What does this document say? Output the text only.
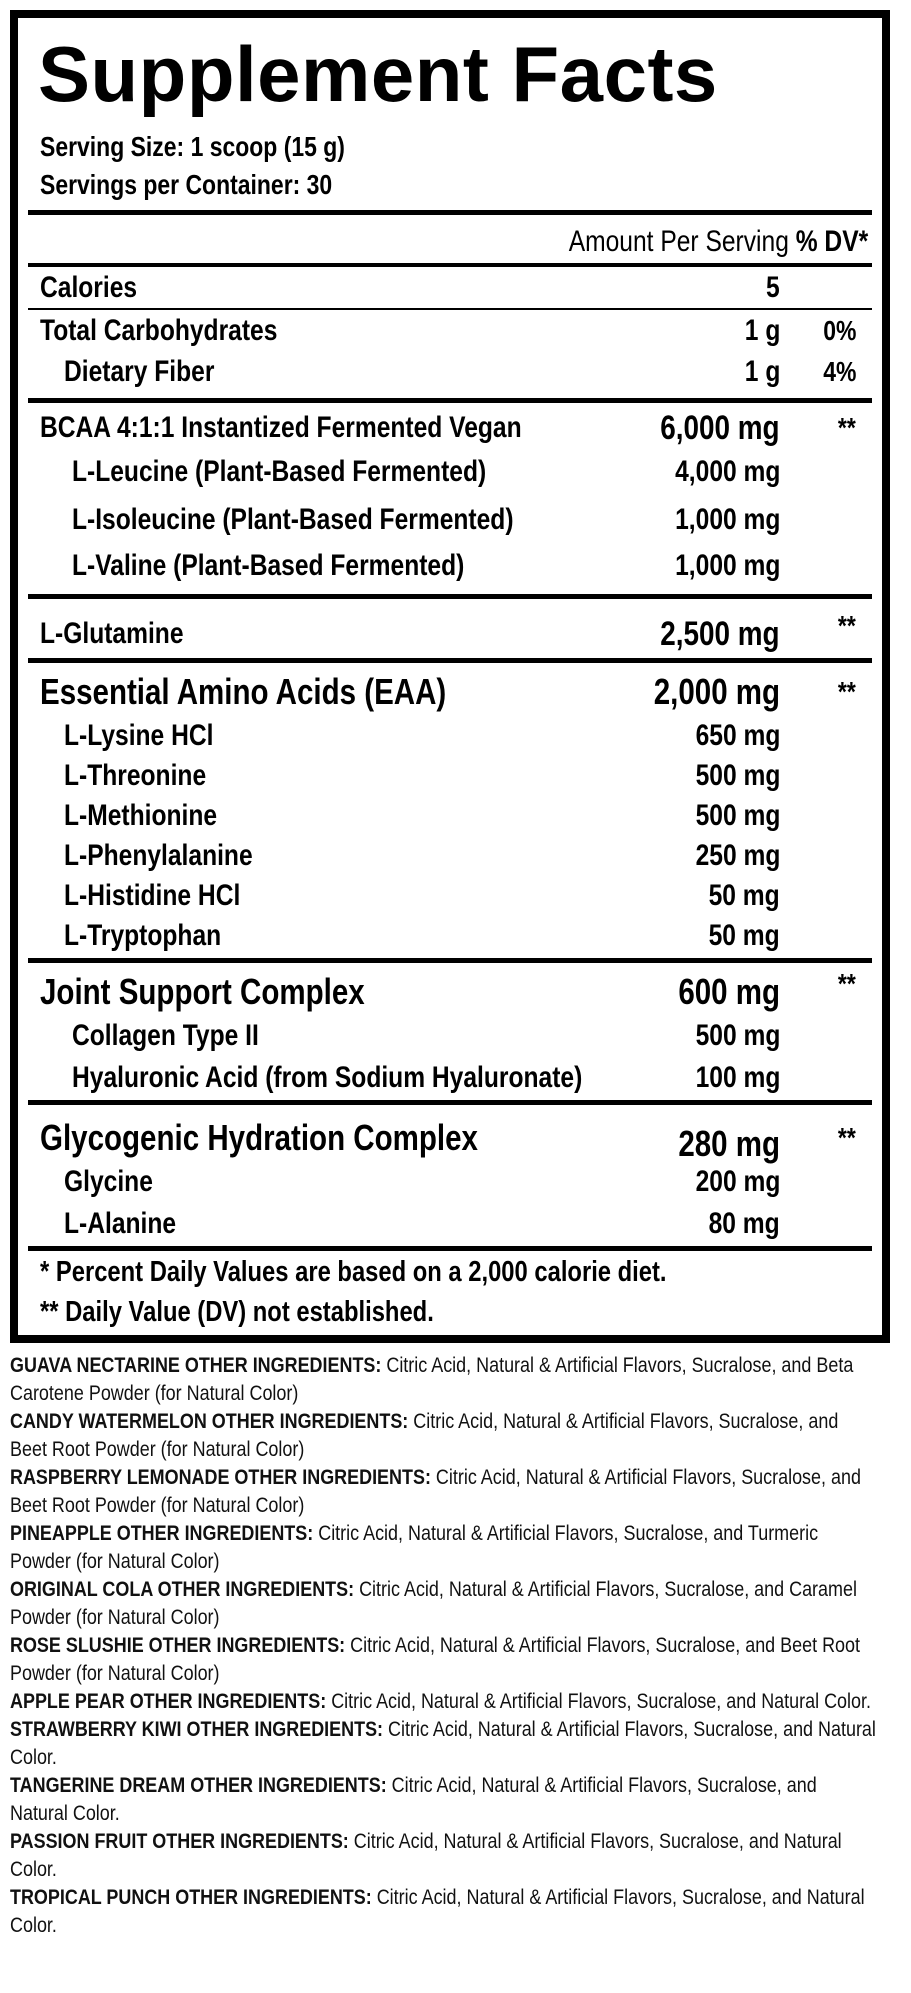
Supplement Facts
Serving Size: 1 scoop (15 g)
Servings per Container: 30
Amount Per Serving % DV*
Calories	5
Total Carbohydrates	1 g 0%
Dietary Fiber	1 g 4%
BCAA 4:1:1 Instantized Fermented Vegan	6,000 mg **
L-Leucine (Plant-Based Fermented)	4,000 mg
L-Isoleucine (Plant-Based Fermented)	1,000 mg
L-Valine (Plant-Based Fermented)	1,000 mg
L-Glutamine	2,500 mg **
Essential Amino Acids (EAA)	2,000 mg **
L-Lysine HCl	650 mg
L-Threonine	500 mg
L-Methionine	500 mg
L-Phenylalanine	250 mg
L-Histidine HCl	50 mg
L-Tryptophan	50 mg
Joint Support Complex	600 mg **
Collagen Type II	500 mg
Hyaluronic Acid (from Sodium Hyaluronate)	100 mg
Glycogenic Hydration Complex	280 mg **
Glycine	200 mg
L-Alanine	80 mg
* Percent Daily Values are based on a 2,000 calorie diet.
** Daily Value (DV) not established.
GUAVA NECTARINE OTHER INGREDIENTS: Citric Acid, Natural & Artificial Flavors, Sucralose, and Beta Carotene Powder (for Natural Color)
CANDY WATERMELON OTHER INGREDIENTS: Citric Acid, Natural & Artificial Flavors, Sucralose, and Beet Root Powder (for Natural Color)
RASPBERRY LEMONADE OTHER INGREDIENTS: Citric Acid, Natural & Artificial Flavors, Sucralose, and Beet Root Powder (for Natural Color)
PINEAPPLE OTHER INGREDIENTS: Citric Acid, Natural & Artificial Flavors, Sucralose, and Turmeric Powder (for Natural Color)
ORIGINAL COLA OTHER INGREDIENTS: Citric Acid, Natural & Artificial Flavors, Sucralose, and Caramel Powder (for Natural Color)
ROSE SLUSHIE OTHER INGREDIENTS: Citric Acid, Natural & Artificial Flavors, Sucralose, and Beet Root Powder (for Natural Color)
APPLE PEAR OTHER INGREDIENTS: Citric Acid, Natural & Artificial Flavors, Sucralose, and Natural Color.
STRAWBERRY KIWI OTHER INGREDIENTS: Citric Acid, Natural & Artificial Flavors, Sucralose, and Natural Color.
TANGERINE DREAM OTHER INGREDIENTS: Citric Acid, Natural & Artificial Flavors, Sucralose, and Natural Color.
PASSION FRUIT OTHER INGREDIENTS: Citric Acid, Natural & Artificial Flavors, Sucralose, and Natural Color.
TROPICAL PUNCH OTHER INGREDIENTS: Citric Acid, Natural & Artificial Flavors, Sucralose, and Natural Color.
